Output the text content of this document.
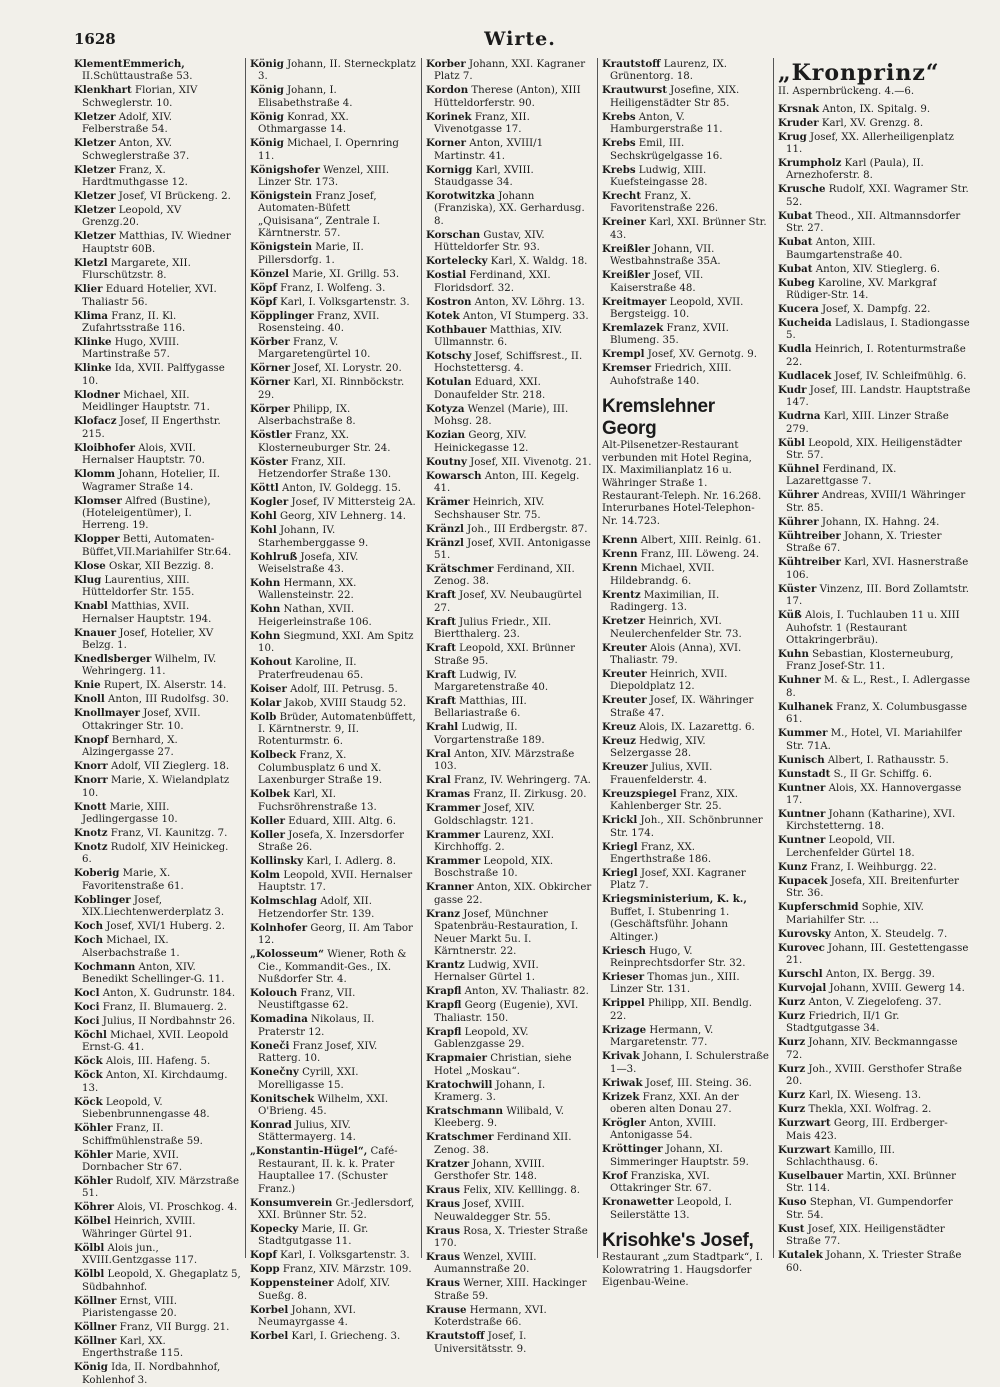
1628	Wirte.
KlementEmmerich, II.Schüttaustraße 53.
Klenkhart Florian, XIV Schweglerstr. 10.
Kletzer Adolf, XIV. Felberstraße 54.
Kletzer Anton, XV. Schweglerstraße 37.
Kletzer Franz, X. Hardtmuthgasse 12.
Kletzer Josef, VI Brückeng. 2.
Kletzer Leopold, XV Grenzg.20.
Kletzer Matthias, IV. Wiedner Hauptstr 60B.
Kletzl Margarete, XII. Flurschützstr. 8.
Klier Eduard Hotelier, XVI. Thaliastr 56.
Klima Franz, II. Kl. Zufahrtsstraße 116.
Klinke Hugo, XVIII. Martinstraße 57.
Klinke Ida, XVII. Palffygasse 10.
Klodner Michael, XII. Meidlinger Hauptstr. 71.
Klofacz Josef, II Engerthstr. 215.
Kloibhofer Alois, XVII. Hernalser Hauptstr. 70.
Klomm Johann, Hotelier, II. Wagramer Straße 14.
Klomser Alfred (Bustine), (Hoteleigentümer), I. Herreng. 19.
Klopper Betti, Automaten-Büffet,VII.Mariahilfer Str.64.
Klose Oskar, XII Bezzig. 8.
Klug Laurentius, XIII. Hütteldorfer Str. 155.
Knabl Matthias, XVII. Hernalser Hauptstr. 194.
Knauer Josef, Hotelier, XV Belzg. 1.
Knedlsberger Wilhelm, IV. Wehringerg. 11.
Knie Rupert, IX. Alserstr. 14.
Knoll Anton, III Rudolfsg. 30.
Knollmayer Josef, XVII. Ottakringer Str. 10.
Knopf Bernhard, X. Alzingergasse 27.
Knorr Adolf, VII Zieglerg. 18.
Knorr Marie, X. Wielandplatz 10.
Knott Marie, XIII. Jedlingergasse 10.
Knotz Franz, VI. Kaunitzg. 7.
Knotz Rudolf, XIV Heinickeg. 6.
Koberig Marie, X. Favoritenstraße 61.
Koblinger Josef, XIX.Liechtenwerderplatz 3.
Koch Josef, XVI/1 Huberg. 2.
Koch Michael, IX. Alserbachstraße 1.
Kochmann Anton, XIV. Benedikt Schellinger-G. 11.
Kocl Anton, X. Gudrunstr. 184.
Koci Franz, II. Blumauerg. 2.
Koci Julius, II Nordbahnstr 26.
Köchl Michael, XVII. Leopold Ernst-G. 41.
Köck Alois, III. Hafeng. 5.
Köck Anton, XI. Kirchdaumg. 13.
Köck Leopold, V. Siebenbrunnengasse 48.
Köhler Franz, II. Schiffmühlenstraße 59.
Köhler Marie, XVII. Dornbacher Str 67.
Köhler Rudolf, XIV. Märzstraße 51.
Köhrer Alois, VI. Proschkog. 4.
Kölbel Heinrich, XVIII. Währinger Gürtel 91.
Kölbl Alois jun., XVIII.Gentzgasse 117.
Kölbl Leopold, X. Ghegaplatz 5, Südbahnhof.
Köllner Ernst, VIII. Piaristengasse 20.
Köllner Franz, VII Burgg. 21.
Köllner Karl, XX. Engerthstraße 115.
König Ida, II. Nordbahnhof, Kohlenhof 3.
König Johann, II. Sterneckplatz 3.
König Johann, I. Elisabethstraße 4.
König Konrad, XX. Othmargasse 14.
König Michael, I. Opernring 11.
Königshofer Wenzel, XIII. Linzer Str. 173.
Königstein Franz Josef, Automaten-Büfett „Quisisana“, Zentrale I. Kärntnerstr. 57.
Königstein Marie, II. Pillersdorfg. 1.
Könzel Marie, XI. Grillg. 53.
Köpf Franz, I. Wolfeng. 3.
Köpf Karl, I. Volksgartenstr. 3.
Köpplinger Franz, XVII. Rosensteing. 40.
Körber Franz, V. Margaretengürtel 10.
Körner Josef, XI. Lorystr. 20.
Körner Karl, XI. Rinnböckstr. 29.
Körper Philipp, IX. Alserbachstraße 8.
Köstler Franz, XX. Klosterneuburger Str. 24.
Köster Franz, XII. Hetzendorfer Straße 130.
Köttl Anton, IV. Goldegg. 15.
Kogler Josef, IV Mittersteig 2A.
Kohl Georg, XIV Lehnerg. 14.
Kohl Johann, IV. Starhemberggasse 9.
Kohlruß Josefa, XIV. Weiselstraße 43.
Kohn Hermann, XX. Wallensteinstr. 22.
Kohn Nathan, XVII. Heigerleinstraße 106.
Kohn Siegmund, XXI. Am Spitz 10.
Kohout Karoline, II. Praterfreudenau 65.
Koiser Adolf, III. Petrusg. 5.
Kolar Jakob, XVIII Staudg 52.
Kolb Brüder, Automatenbüffett, I. Kärntnerstr. 9, II. Rotenturmstr. 6.
Kolbeck Franz, X. Columbusplatz 6 und X. Laxenburger Straße 19.
Kolbek Karl, XI. Fuchsröhrenstraße 13.
Koller Eduard, XIII. Altg. 6.
Koller Josefa, X. Inzersdorfer Straße 26.
Kollinsky Karl, I. Adlerg. 8.
Kolm Leopold, XVII. Hernalser Hauptstr. 17.
Kolmschlag Adolf, XII. Hetzendorfer Str. 139.
Kolnhofer Georg, II. Am Tabor 12.
„Kolosseum“ Wiener, Roth & Cie., Kommandit-Ges., IX. Nußdorfer Str. 4.
Kolouch Franz, VII. Neustiftgasse 62.
Komadina Nikolaus, II. Praterstr 12.
Koneči Franz Josef, XIV. Ratterg. 10.
Konečny Cyrill, XXI. Morelligasse 15.
Konitschek Wilhelm, XXI. O'Brieng. 45.
Konrad Julius, XIV. Stättermayerg. 14.
„Konstantin-Hügel“, Café-Restaurant, II. k. k. Prater Hauptallee 17. (Schuster Franz.)
Konsumverein Gr.-Jedlersdorf, XXI. Brünner Str. 52.
Kopecky Marie, II. Gr. Stadtgutgasse 11.
Kopf Karl, I. Volksgartenstr. 3.
Kopp Franz, XIV. Märzstr. 109.
Koppensteiner Adolf, XIV. Sueßg. 8.
Korbel Johann, XVI. Neumayrgasse 4.
Korbel Karl, I. Griecheng. 3.
Korber Johann, XXI. Kagraner Platz 7.
Kordon Therese (Anton), XIII Hütteldorferstr. 90.
Korinek Franz, XII. Vivenotgasse 17.
Korner Anton, XVIII/1 Martinstr. 41.
Kornigg Karl, XVIII. Staudgasse 34.
Korotwitzka Johann (Franziska), XX. Gerhardusg. 8.
Korschan Gustav, XIV. Hütteldorfer Str. 93.
Kortelecky Karl, X. Waldg. 18.
Kostial Ferdinand, XXI. Floridsdorf. 32.
Kostron Anton, XV. Löhrg. 13.
Kotek Anton, VI Stumperg. 33.
Kothbauer Matthias, XIV. Ullmannstr. 6.
Kotschy Josef, Schiffsrest., II. Hochstettersg. 4.
Kotulan Eduard, XXI. Donaufelder Str. 218.
Kotyza Wenzel (Marie), III. Mohsg. 28.
Kozian Georg, XIV. Heinickegasse 12.
Koutny Josef, XII. Vivenotg. 21.
Kowarsch Anton, III. Kegelg. 41.
Krämer Heinrich, XIV. Sechshauser Str. 75.
Kränzl Joh., III Erdbergstr. 87.
Kränzl Josef, XVII. Antonigasse 51.
Krätschmer Ferdinand, XII. Zenog. 38.
Kraft Josef, XV. Neubaugürtel 27.
Kraft Julius Friedr., XII. Biertthalerg. 23.
Kraft Leopold, XXI. Brünner Straße 95.
Kraft Ludwig, IV. Margaretenstraße 40.
Kraft Matthias, III. Bellariastraße 6.
Krahl Ludwig, II. Vorgartenstraße 189.
Kral Anton, XIV. Märzstraße 103.
Kral Franz, IV. Wehringerg. 7A.
Kramas Franz, II. Zirkusg. 20.
Krammer Josef, XIV. Goldschlagstr. 121.
Krammer Laurenz, XXI. Kirchhoffg. 2.
Krammer Leopold, XIX. Boschstraße 10.
Kranner Anton, XIX. Obkircher gasse 22.
Kranz Josef, Münchner Spatenbräu-Restauration, I. Neuer Markt 5u. I. Kärntnerstr. 22.
Krantz Ludwig, XVII. Hernalser Gürtel 1.
Krapfl Anton, XV. Thaliastr. 82.
Krapfl Georg (Eugenie), XVI. Thaliastr. 150.
Krapfl Leopold, XV. Gablenzgasse 29.
Krapmaier Christian, siehe Hotel „Moskau“.
Kratochwill Johann, I. Kramerg. 3.
Kratschmann Wilibald, V. Kleeberg. 9.
Kratschmer Ferdinand XII. Zenog. 38.
Kratzer Johann, XVIII. Gersthofer Str. 148.
Kraus Felix, XIV. Kelllingg. 8.
Kraus Josef, XVIII. Neuwaldegger Str. 55.
Kraus Rosa, X. Triester Straße 170.
Kraus Wenzel, XVIII. Aumannstraße 20.
Kraus Werner, XIII. Hackinger Straße 59.
Krause Hermann, XVI. Koterdstraße 66.
Krautstoff Josef, I. Universitätsstr. 9.
Krautstoff Laurenz, IX. Grünentorg. 18.
Krautwurst Josefine, XIX. Heiligenstädter Str 85.
Krebs Anton, V. Hamburgerstraße 11.
Krebs Emil, III. Sechskrügelgasse 16.
Krebs Ludwig, XIII. Kuefsteingasse 28.
Krecht Franz, X. Favoritenstraße 226.
Kreiner Karl, XXI. Brünner Str. 43.
Kreißler Johann, VII. Westbahnstraße 35A.
Kreißler Josef, VII. Kaiserstraße 48.
Kreitmayer Leopold, XVII. Bergsteigg. 10.
Kremlazek Franz, XVII. Blumeng. 35.
Krempl Josef, XV. Gernotg. 9.
Kremser Friedrich, XIII. Auhofstraße 140.
Kremslehner Georg
Alt-Pilsenetzer-Restaurant verbunden mit Hotel Regina, IX. Maximilianplatz 16 u. Währinger Straße 1. Restaurant-Teleph. Nr. 16.268. Interurbanes Hotel-Telephon-Nr. 14.723.
Krenn Albert, XIII. Reinlg. 61.
Krenn Franz, III. Löweng. 24.
Krenn Michael, XVII. Hildebrandg. 6.
Krentz Maximilian, II. Radingerg. 13.
Kretzer Heinrich, XVI. Neulerchenfelder Str. 73.
Kreuter Alois (Anna), XVI. Thaliastr. 79.
Kreuter Heinrich, XVII. Diepoldplatz 12.
Kreuter Josef, IX. Währinger Straße 47.
Kreuz Alois, IX. Lazarettg. 6.
Kreuz Hedwig, XIV. Selzergasse 28.
Kreuzer Julius, XVII. Frauenfelderstr. 4.
Kreuzspiegel Franz, XIX. Kahlenberger Str. 25.
Krickl Joh., XII. Schönbrunner Str. 174.
Kriegl Franz, XX. Engerthstraße 186.
Kriegl Josef, XXI. Kagraner Platz 7.
Kriegsministerium, K. k., Buffet, I. Stubenring 1. (Geschäftsführ. Johann Altinger.)
Kriesch Hugo, V. Reinprechtsdorfer Str. 32.
Krieser Thomas jun., XIII. Linzer Str. 131.
Krippel Philipp, XII. Bendlg. 22.
Krizage Hermann, V. Margaretenstr. 77.
Krivak Johann, I. Schulerstraße 1—3.
Kriwak Josef, III. Steing. 36.
Krizek Franz, XXI. An der oberen alten Donau 27.
Krögler Anton, XVIII. Antonigasse 54.
Kröttinger Johann, XI. Simmeringer Hauptstr. 59.
Krof Franziska, XVI. Ottakringer Str. 67.
Kronawetter Leopold, I. Seilerstätte 13.
Krisohke's Josef,
Restaurant „zum Stadtpark“, I. Kolowratring 1. Haugsdorfer Eigenbau-Weine.
„Kronprinz“
II. Aspernbrückeng. 4.—6.
Krsnak Anton, IX. Spitalg. 9.
Kruder Karl, XV. Grenzg. 8.
Krug Josef, XX. Allerheiligenplatz 11.
Krumpholz Karl (Paula), II. Arnezhoferstr. 8.
Krusche Rudolf, XXI. Wagramer Str. 52.
Kubat Theod., XII. Altmannsdorfer Str. 27.
Kubat Anton, XIII. Baumgartenstraße 40.
Kubat Anton, XIV. Stieglerg. 6.
Kubeg Karoline, XV. Markgraf Rüdiger-Str. 14.
Kucera Josef, X. Dampfg. 22.
Kucheida Ladislaus, I. Stadiongasse 5.
Kudla Heinrich, I. Rotenturmstraße 22.
Kudlacek Josef, IV. Schleifmühlg. 6.
Kudr Josef, III. Landstr. Hauptstraße 147.
Kudrna Karl, XIII. Linzer Straße 279.
Kübl Leopold, XIX. Heiligenstädter Str. 57.
Kühnel Ferdinand, IX. Lazarettgasse 7.
Kührer Andreas, XVIII/1 Währinger Str. 85.
Kührer Johann, IX. Hahng. 24.
Kühtreiber Johann, X. Triester Straße 67.
Kühtreiber Karl, XVI. Hasnerstraße 106.
Küster Vinzenz, III. Bord Zollamtstr. 17.
Küß Alois, I. Tuchlauben 11 u. XIII Auhofstr. 1 (Restaurant Ottakringerbräu).
Kuhn Sebastian, Klosterneuburg, Franz Josef-Str. 11.
Kuhner M. & L., Rest., I. Adlergasse 8.
Kulhanek Franz, X. Columbusgasse 61.
Kummer M., Hotel, VI. Mariahilfer Str. 71A.
Kunisch Albert, I. Rathausstr. 5.
Kunstadt S., II Gr. Schiffg. 6.
Kuntner Alois, XX. Hannovergasse 17.
Kuntner Johann (Katharine), XVI. Kirchstetterng. 18.
Kuntner Leopold, VII. Lerchenfelder Gürtel 18.
Kunz Franz, I. Weihburgg. 22.
Kupacek Josefa, XII. Breitenfurter Str. 36.
Kupferschmid Sophie, XIV. Mariahilfer Str. ...
Kurovsky Anton, X. Steudelg. 7.
Kurovec Johann, III. Gestettengasse 21.
Kurschl Anton, IX. Bergg. 39.
Kurvojal Johann, XVIII. Gewerg 14.
Kurz Anton, V. Ziegelofeng. 37.
Kurz Friedrich, II/1 Gr. Stadtgutgasse 34.
Kurz Johann, XIV. Beckmanngasse 72.
Kurz Joh., XVIII. Gersthofer Straße 20.
Kurz Karl, IX. Wieseng. 13.
Kurz Thekla, XXI. Wolfrag. 2.
Kurzwart Georg, III. Erdberger-Mais 423.
Kurzwart Kamillo, III. Schlachthausg. 6.
Kuselbauer Martin, XXI. Brünner Str. 114.
Kuso Stephan, VI. Gumpendorfer Str. 54.
Kust Josef, XIX. Heiligenstädter Straße 77.
Kutalek Johann, X. Triester Straße 60.
